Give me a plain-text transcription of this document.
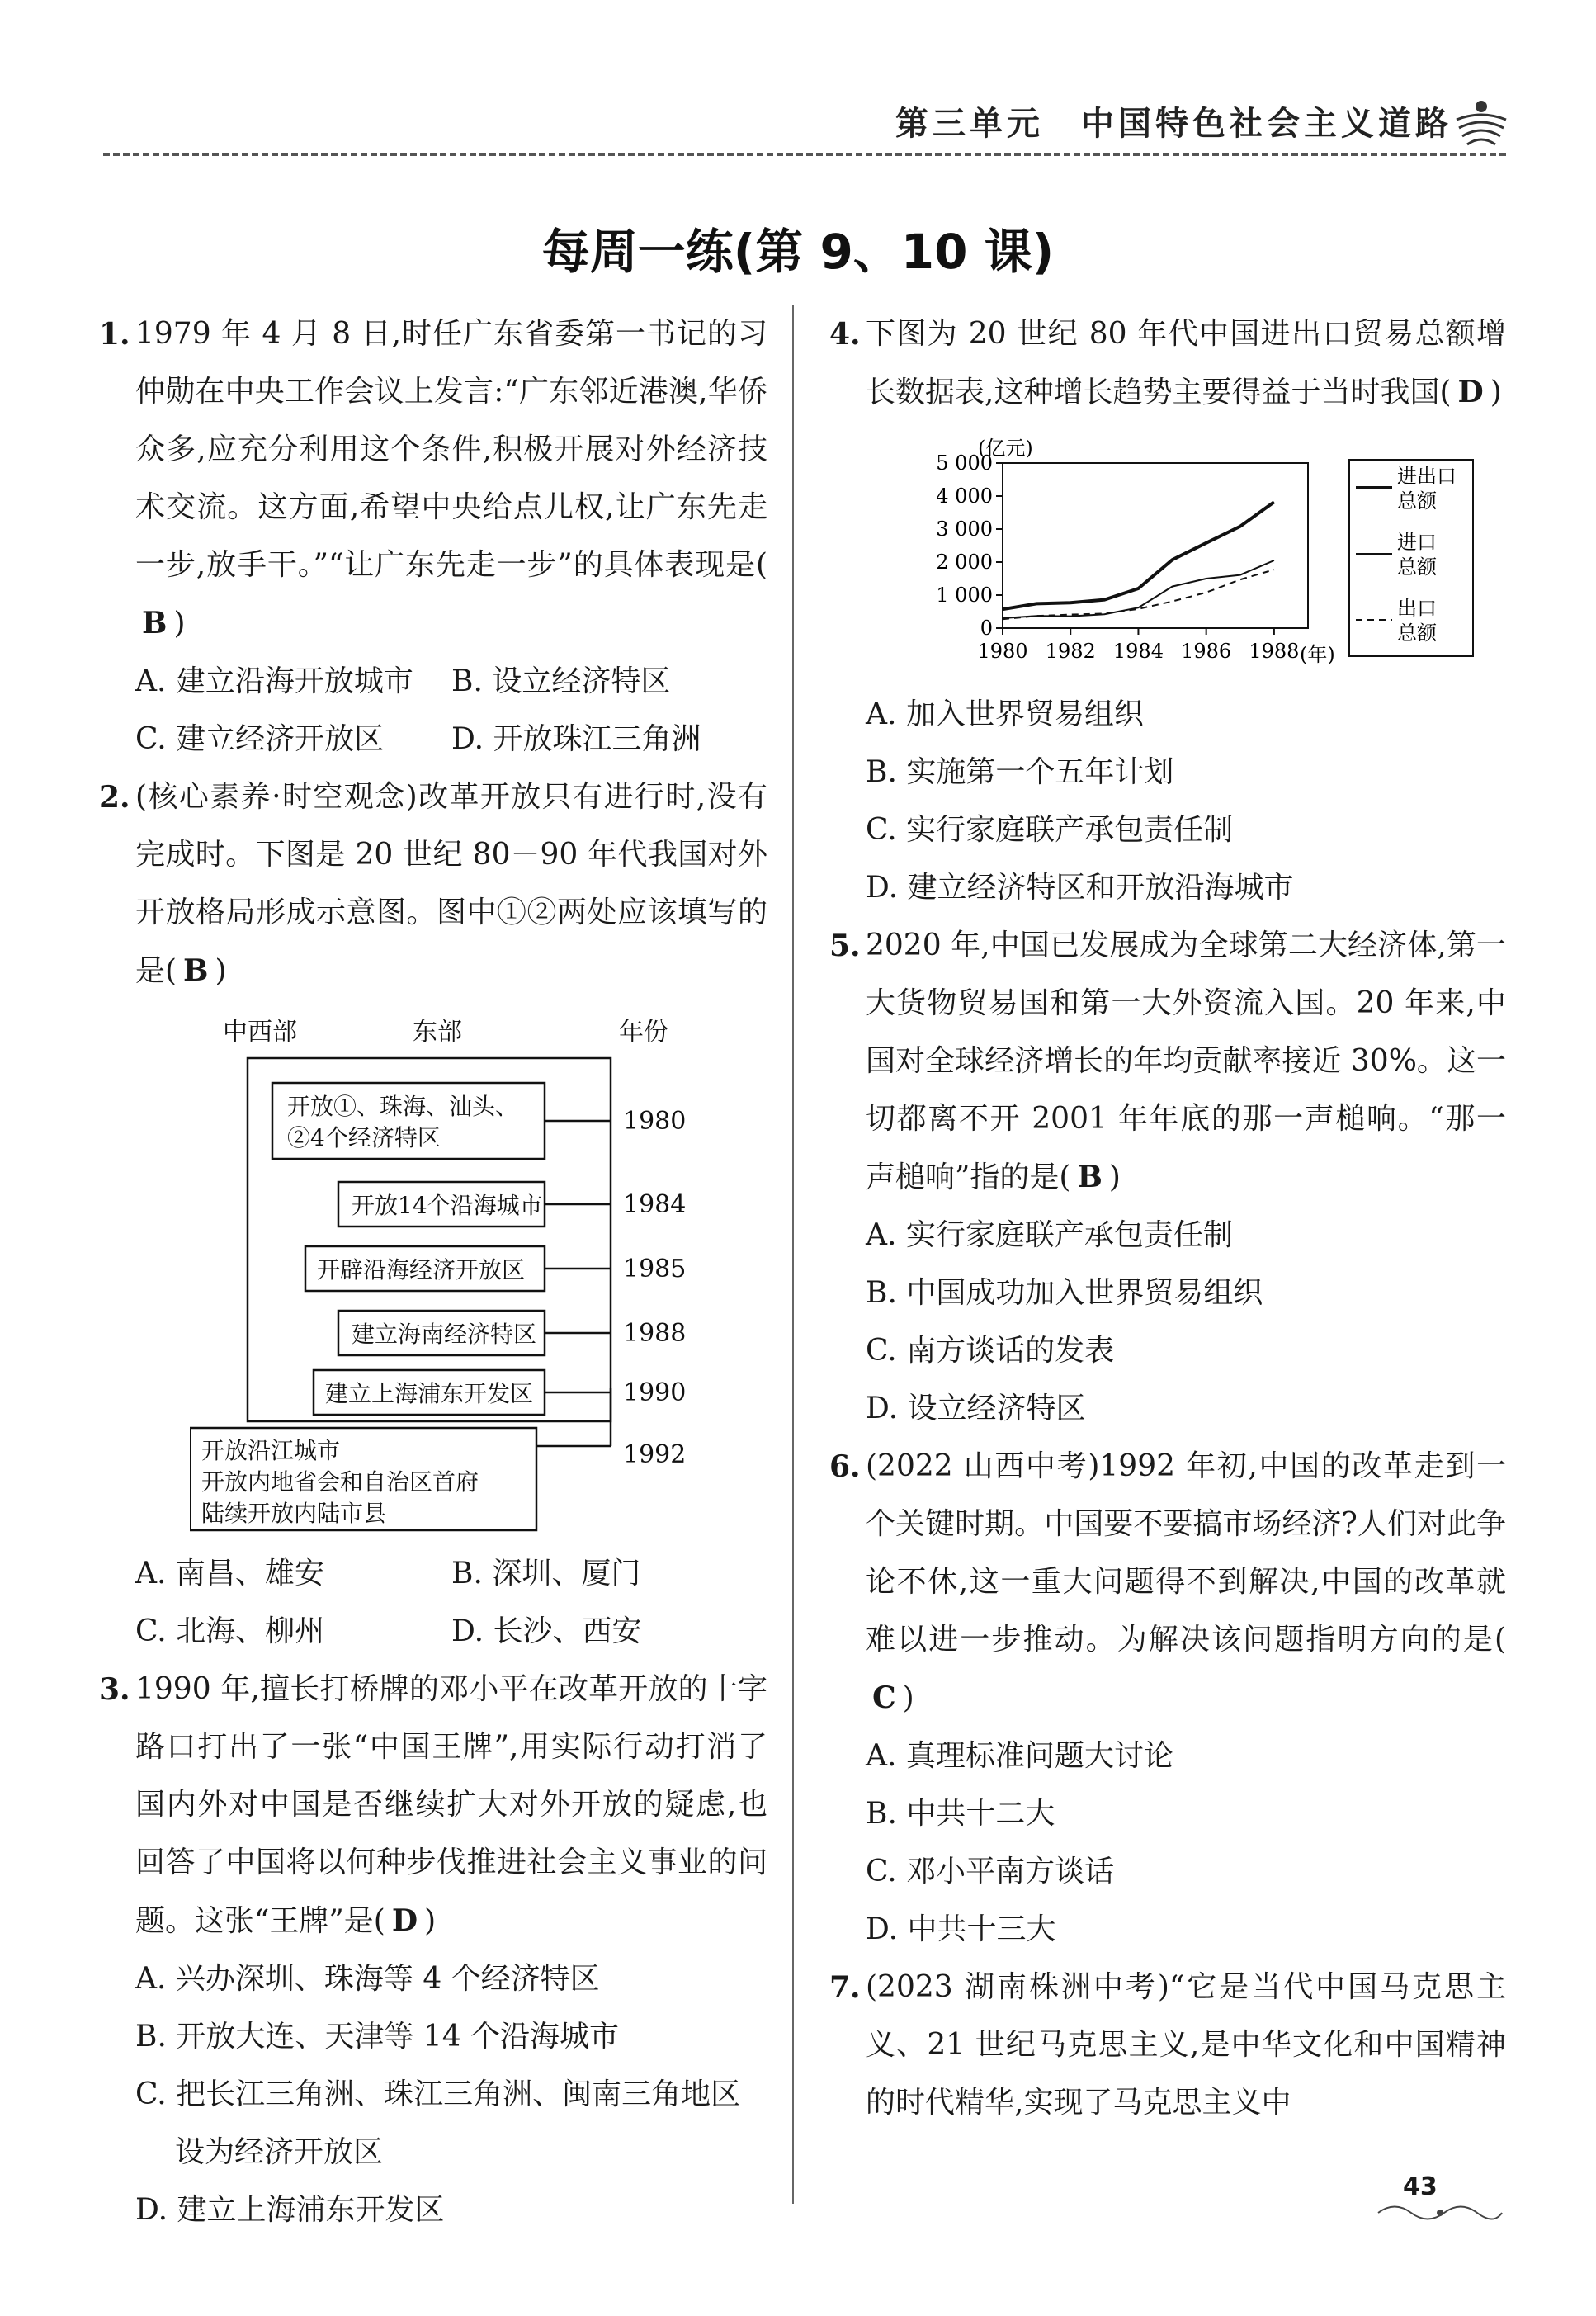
第三单元　中国特色社会主义道路
每周一练(第 9、10 课)
1. 1979 年 4 月 8 日,时任广东省委第一书记的习仲勋在中央工作会议上发言:“广东邻近港澳,华侨众多,应充分利用这个条件,积极开展对外经济技术交流。这方面,希望中央给点儿权,让广东先走一步,放手干。”“让广东先走一步”的具体表现是(B )
A. 建立沿海开放城市	B. 设立经济特区
C. 建立经济开放区	D. 开放珠江三角洲
2. (核心素养·时空观念)改革开放只有进行时,没有完成时。下图是 20 世纪 80－90 年代我国对外开放格局形成示意图。图中①②两处应该填写的是( B )
中西部	东部	年份
开放①、珠海、汕头、
②4个经济特区
开放14个沿海城市
开辟沿海经济开放区
建立海南经济特区
建立上海浦东开发区
开放沿江城市
开放内地省会和自治区首府
陆续开放内陆市县
1980
1984
1985
1988
1990
1992
A. 南昌、雄安	B. 深圳、厦门
C. 北海、柳州	D. 长沙、西安
3. 1990 年,擅长打桥牌的邓小平在改革开放的十字路口打出了一张“中国王牌”,用实际行动打消了国内外对中国是否继续扩大对外开放的疑虑,也回答了中国将以何种步伐推进社会主义事业的问题。这张“王牌”是( D )
A. 兴办深圳、珠海等 4 个经济特区
B. 开放大连、天津等 14 个沿海城市
C. 把长江三角洲、珠江三角洲、闽南三角地区设为经济开放区
D. 建立上海浦东开发区
4. 下图为 20 世纪 80 年代中国进出口贸易总额增长数据表,这种增长趋势主要得益于当时我国( D )
(亿元)
0
1 000
2 000
3 000
4 000
5 000
1980 1982 1984 1986 1988 (年)
进出口
总额
进口
总额
出口
总额
A. 加入世界贸易组织
B. 实施第一个五年计划
C. 实行家庭联产承包责任制
D. 建立经济特区和开放沿海城市
5. 2020 年,中国已发展成为全球第二大经济体,第一大货物贸易国和第一大外资流入国。20 年来,中国对全球经济增长的年均贡献率接近 30%。这一切都离不开 2001 年年底的那一声槌响。“那一声槌响”指的是( B )
A. 实行家庭联产承包责任制
B. 中国成功加入世界贸易组织
C. 南方谈话的发表
D. 设立经济特区
6. (2022 山西中考)1992 年初,中国的改革走到一个关键时期。中国要不要搞市场经济?人们对此争论不休,这一重大问题得不到解决,中国的改革就难以进一步推动。为解决该问题指明方向的是(C )
A. 真理标准问题大讨论
B. 中共十二大
C. 邓小平南方谈话
D. 中共十三大
7. (2023 湖南株洲中考)“它是当代中国马克思主义、21 世纪马克思主义,是中华文化和中国精神的时代精华,实现了马克思主义中
43
